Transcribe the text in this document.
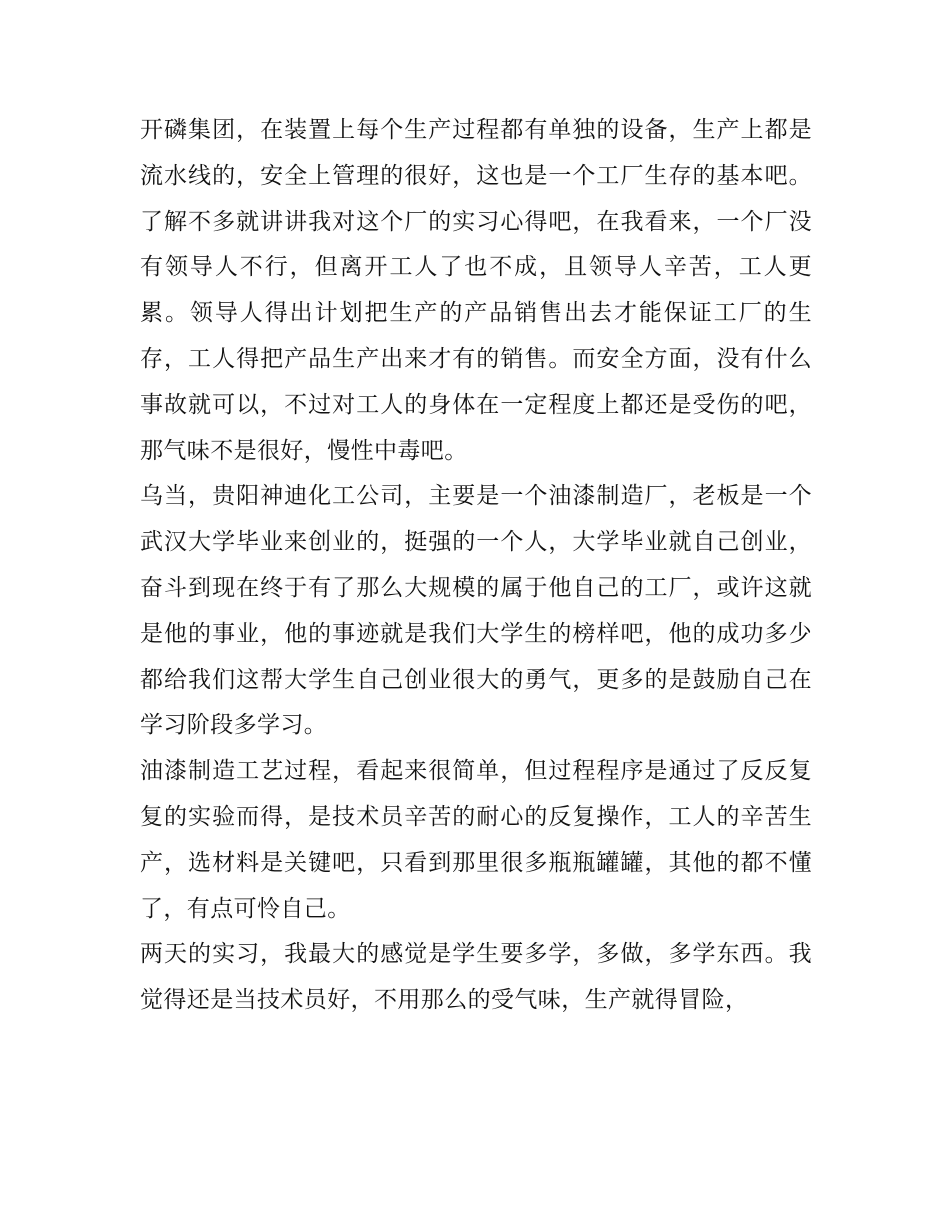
开磷集团，在装置上每个生产过程都有单独的设备，生产上都是流水线的，安全上管理的很好，这也是一个工厂生存的基本吧。了解不多就讲讲我对这个厂的实习心得吧，在我看来，一个厂没有领导人不行，但离开工人了也不成，且领导人辛苦，工人更累。领导人得出计划把生产的产品销售出去才能保证工厂的生存，工人得把产品生产出来才有的销售。而安全方面，没有什么事故就可以，不过对工人的身体在一定程度上都还是受伤的吧，那气味不是很好，慢性中毒吧。

乌当，贵阳神迪化工公司，主要是一个油漆制造厂，老板是一个武汉大学毕业来创业的，挺强的一个人，大学毕业就自己创业，奋斗到现在终于有了那么大规模的属于他自己的工厂，或许这就是他的事业，他的事迹就是我们大学生的榜样吧，他的成功多少都给我们这帮大学生自己创业很大的勇气，更多的是鼓励自己在学习阶段多学习。

油漆制造工艺过程，看起来很简单，但过程程序是通过了反反复复的实验而得，是技术员辛苦的耐心的反复操作，工人的辛苦生产，选材料是关键吧，只看到那里很多瓶瓶罐罐，其他的都不懂了，有点可怜自己。

两天的实习，我最大的感觉是学生要多学，多做，多学东西。我觉得还是当技术员好，不用那么的受气味，生产就得冒险，
